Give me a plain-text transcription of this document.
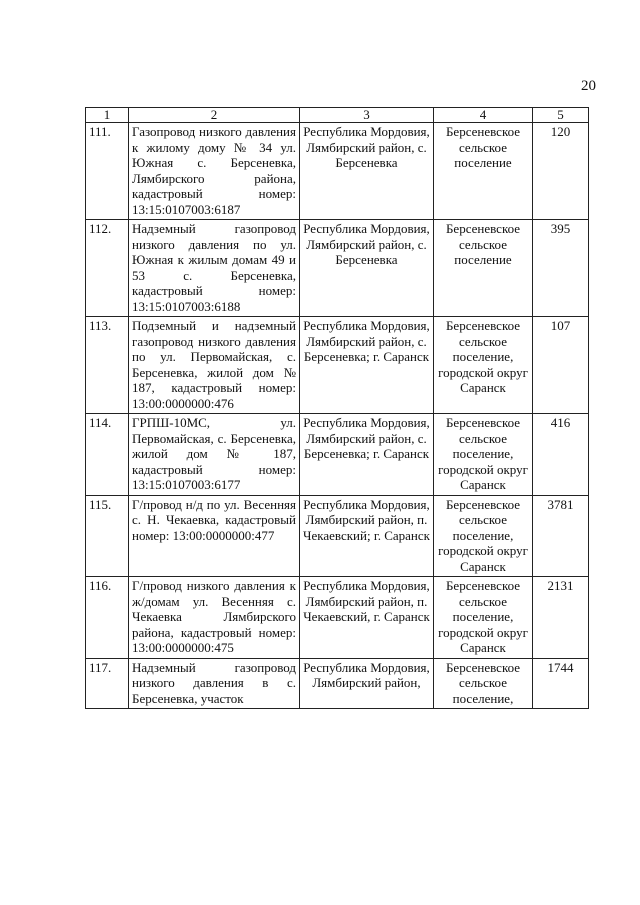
20
1	2	3	4	5
111.	Газопровод низкого давления к жилому дому № 34 ул. Южная с. Берсеневка, Лямбирского района, кадастровый номер: 13:15:0107003:6187	Республика Мордовия, Лямбирский район, с. Берсеневка	Берсеневское сельское поселение	120
112.	Надземный газопровод низкого давления по ул. Южная к жилым домам 49 и 53 с. Берсеневка, кадастровый номер: 13:15:0107003:6188	Республика Мордовия, Лямбирский район, с. Берсеневка	Берсеневское сельское поселение	395
113.	Подземный и надземный газопровод низкого давления по ул. Первомайская, с. Берсеневка, жилой дом № 187, кадастровый номер: 13:00:0000000:476	Республика Мордовия, Лямбирский район, с. Берсеневка; г. Саранск	Берсеневское сельское поселение, городской округ Саранск	107
114.	ГРПШ-10МС, ул. Первомайская, с. Берсеневка, жилой дом № 187, кадастровый номер: 13:15:0107003:6177	Республика Мордовия, Лямбирский район, с. Берсеневка; г. Саранск	Берсеневское сельское поселение, городской округ Саранск	416
115.	Г/провод н/д по ул. Весенняя с. Н. Чекаевка, кадастровый номер: 13:00:0000000:477	Республика Мордовия, Лямбирский район, п. Чекаевский; г. Саранск	Берсеневское сельское поселение, городской округ Саранск	3781
116.	Г/провод низкого давления к ж/домам ул. Весенняя с. Чекаевка Лямбирского района, кадастровый номер: 13:00:0000000:475	Республика Мордовия, Лямбирский район, п. Чекаевский, г. Саранск	Берсеневское сельское поселение, городской округ Саранск	2131
117.	Надземный газопровод низкого давления в с. Берсеневка, участок	Республика Мордовия, Лямбирский район,	Берсеневское сельское поселение,	1744
